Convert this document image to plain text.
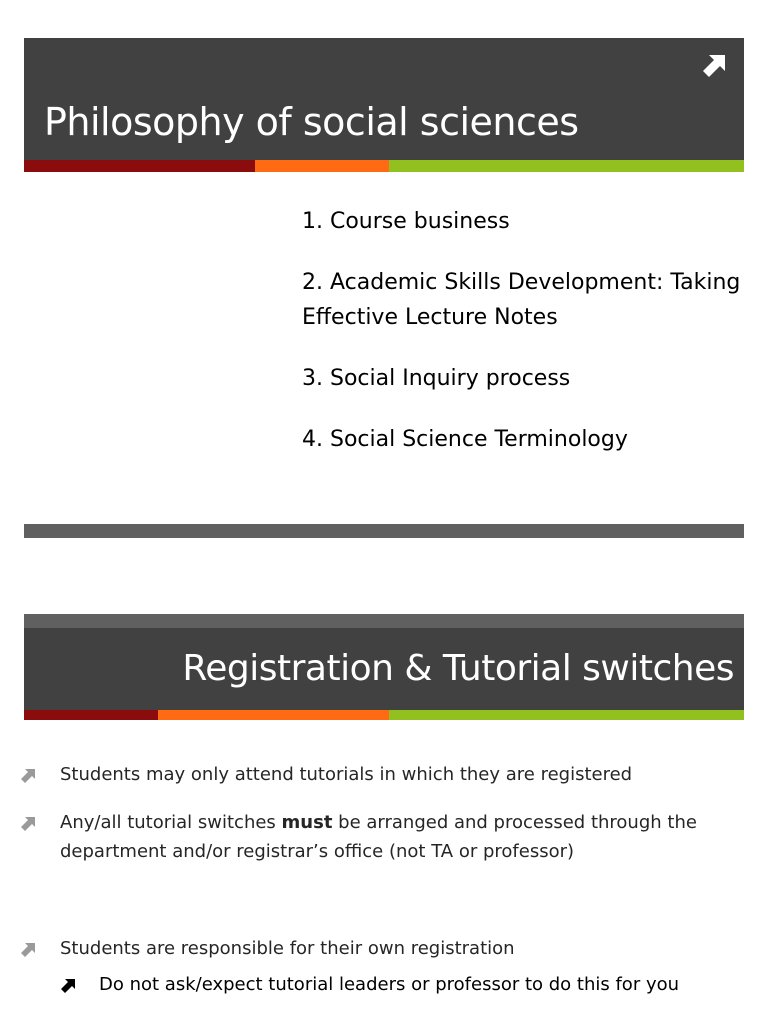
Philosophy of social sciences
1. Course business
2. Academic Skills Development: Taking Effective Lecture Notes
3. Social Inquiry process
4. Social Science Terminology
Registration & Tutorial switches
Students may only attend tutorials in which they are registered
Any/all tutorial switches must be arranged and processed through the department and/or registrar’s office (not TA or professor)
Students are responsible for their own registration
Do not ask/expect tutorial leaders or professor to do this for you
